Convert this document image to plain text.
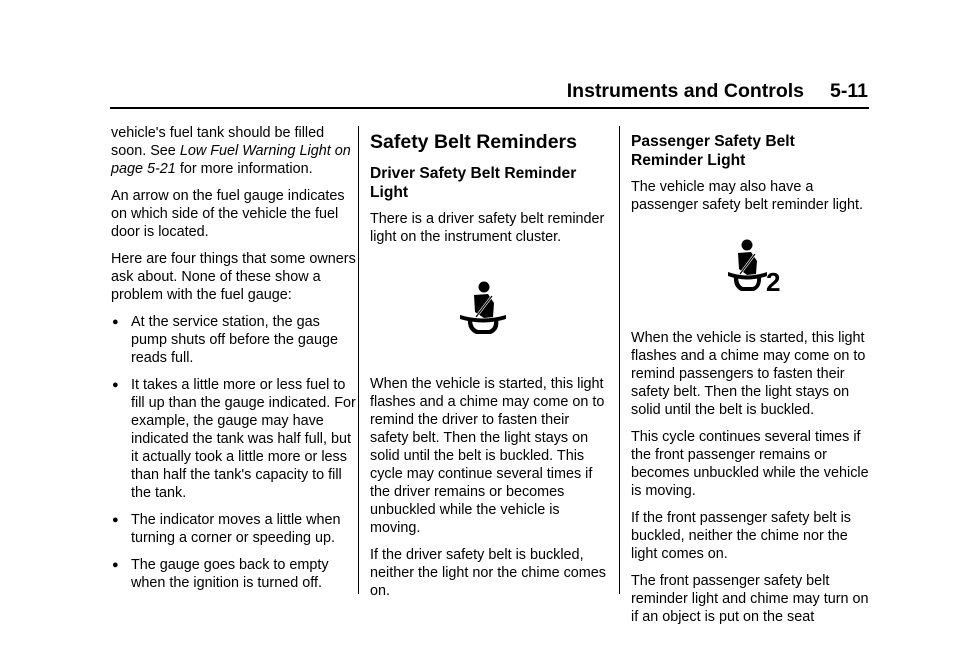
Instruments and Controls 5-11

vehicle's fuel tank should be filled soon. See Low Fuel Warning Light on page 5-21 for more information.

An arrow on the fuel gauge indicates on which side of the vehicle the fuel door is located.

Here are four things that some owners ask about. None of these show a problem with the fuel gauge:

● At the service station, the gas pump shuts off before the gauge reads full.
● It takes a little more or less fuel to fill up than the gauge indicated. For example, the gauge may have indicated the tank was half full, but it actually took a little more or less than half the tank's capacity to fill the tank.
● The indicator moves a little when turning a corner or speeding up.
● The gauge goes back to empty when the ignition is turned off.
Safety Belt Reminders
Driver Safety Belt Reminder Light

There is a driver safety belt reminder light on the instrument cluster.

When the vehicle is started, this light flashes and a chime may come on to remind the driver to fasten their safety belt. Then the light stays on solid until the belt is buckled. This cycle may continue several times if the driver remains or becomes unbuckled while the vehicle is moving.

If the driver safety belt is buckled, neither the light nor the chime comes on.

Passenger Safety Belt Reminder Light

The vehicle may also have a passenger safety belt reminder light.

2

When the vehicle is started, this light flashes and a chime may come on to remind passengers to fasten their safety belt. Then the light stays on solid until the belt is buckled.

This cycle continues several times if the front passenger remains or becomes unbuckled while the vehicle is moving.

If the front passenger safety belt is buckled, neither the chime nor the light comes on.

The front passenger safety belt reminder light and chime may turn on if an object is put on the seat
